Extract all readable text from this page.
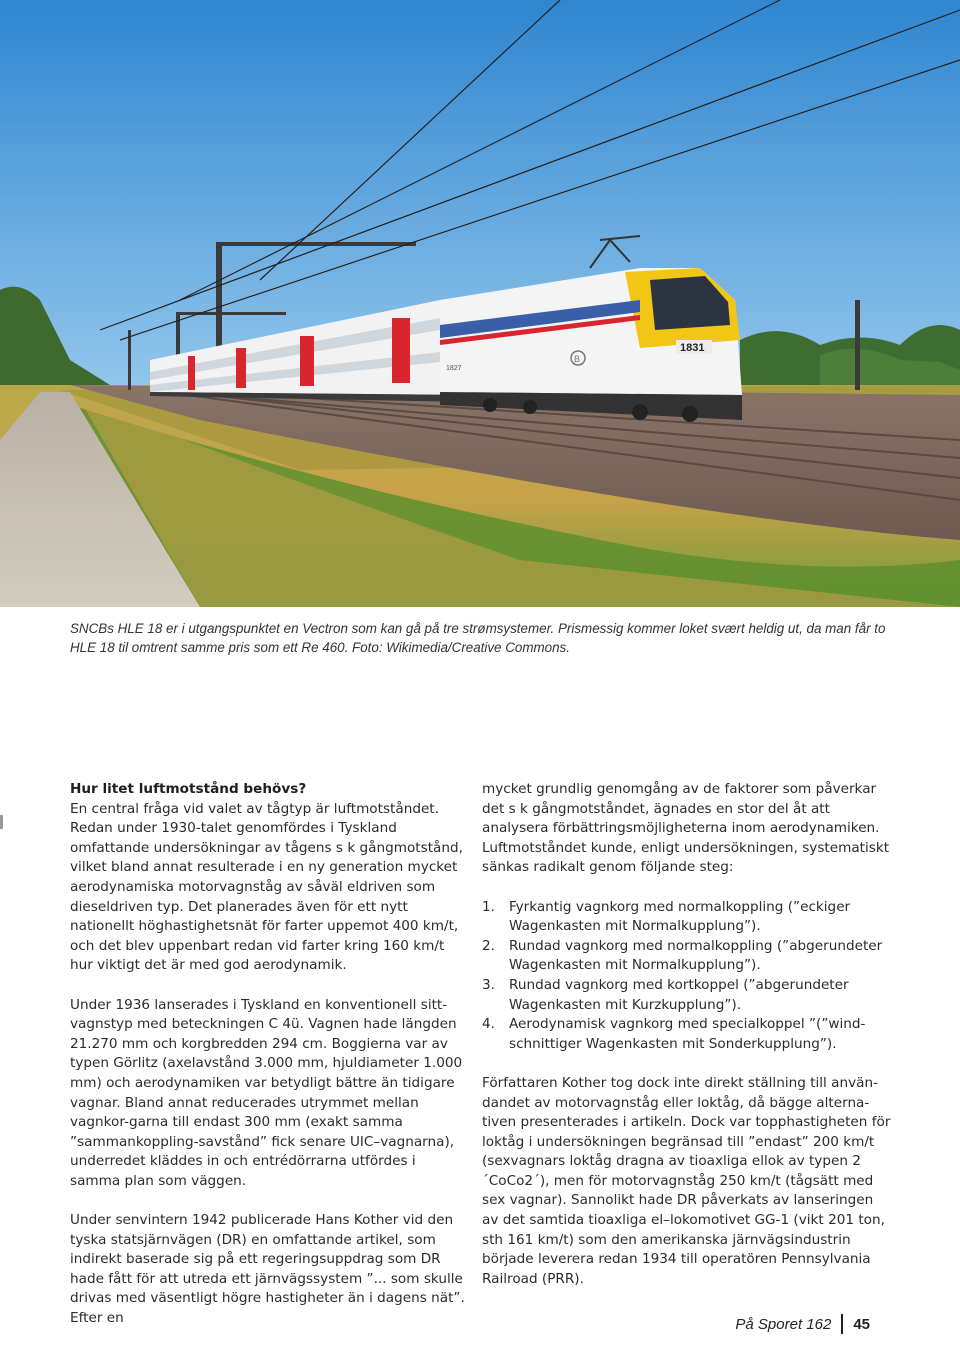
B
1831
1827
SNCBs HLE 18 er i utgangspunktet en Vectron som kan gå på tre strømsystemer. Prismessig kommer loket svært heldig ut, da man får to
HLE 18 til omtrent samme pris som ett Re 460. Foto: Wikimedia/Creative Commons.

Hur litet luftmotstånd behövs?

En central fråga vid valet av tågtyp är luftmotståndet. Redan under 1930-talet genomfördes i Tyskland omfattande undersökningar av tågens s k gångmotstånd, vilket bland annat resulterade i en ny generation mycket aerodynamiska motorvagnståg av såväl eldriven som dieseldriven typ. Det planerades även för ett nytt nationellt höghastighetsnät för farter uppemot 400 km/t, och det blev uppenbart redan vid farter kring 160 km/t hur viktigt det är med god aerodynamik.

Under 1936 lanserades i Tyskland en konventionell sitt-vagnstyp med beteckningen C 4ü. Vagnen hade längden 21.270 mm och korgbredden 294 cm. Boggierna var av typen Görlitz (axelavstånd 3.000 mm, hjuldiameter 1.000 mm) och aerodynamiken var betydligt bättre än tidigare vagnar. Bland annat reducerades utrymmet mellan vagnkor-garna till endast 300 mm (exakt samma ”sammankoppling-savstånd” fick senare UIC–vagnarna), underredet kläddes in och entrédörrarna utfördes i samma plan som väggen.

Under senvintern 1942 publicerade Hans Kother vid den tyska statsjärnvägen (DR) en omfattande artikel, som indirekt baserade sig på ett regeringsuppdrag som DR hade fått för att utreda ett järnvägssystem ”... som skulle drivas med väsentligt högre hastigheter än i dagens nät”. Efter en

mycket grundlig genomgång av de faktorer som påverkar det s k gångmotståndet, ägnades en stor del åt att analysera förbättringsmöjligheterna inom aerodynamiken. Luftmotståndet kunde, enligt undersökningen, systematiskt sänkas radikalt genom följande steg:

1. Fyrkantig vagnkorg med normalkoppling (”eckiger Wagenkasten mit Normalkupplung”).
2. Rundad vagnkorg med normalkoppling (”abgerundeter Wagenkasten mit Normalkupplung”).
3. Rundad vagnkorg med kortkoppel (”abgerundeter Wagenkasten mit Kurzkupplung”).
4. Aerodynamisk vagnkorg med specialkoppel ”(”wind-schnittiger Wagenkasten mit Sonderkupplung”).

Författaren Kother tog dock inte direkt ställning till använ-dandet av motorvagnståg eller loktåg, då bägge alterna-tiven presenterades i artikeln. Dock var topphastigheten för loktåg i undersökningen begränsad till ”endast” 200 km/t (sexvagnars loktåg dragna av tioaxliga ellok av typen 2´CoCo2´), men för motorvagnståg 250 km/t (tågsätt med sex vagnar). Sannolikt hade DR påverkats av lanseringen av det samtida tioaxliga el–lokomotivet GG-1 (vikt 201 ton, sth 161 km/t) som den amerikanska järnvägsindustrin började leverera redan 1934 till operatören Pennsylvania Railroad (PRR).

På Sporet 162 45
